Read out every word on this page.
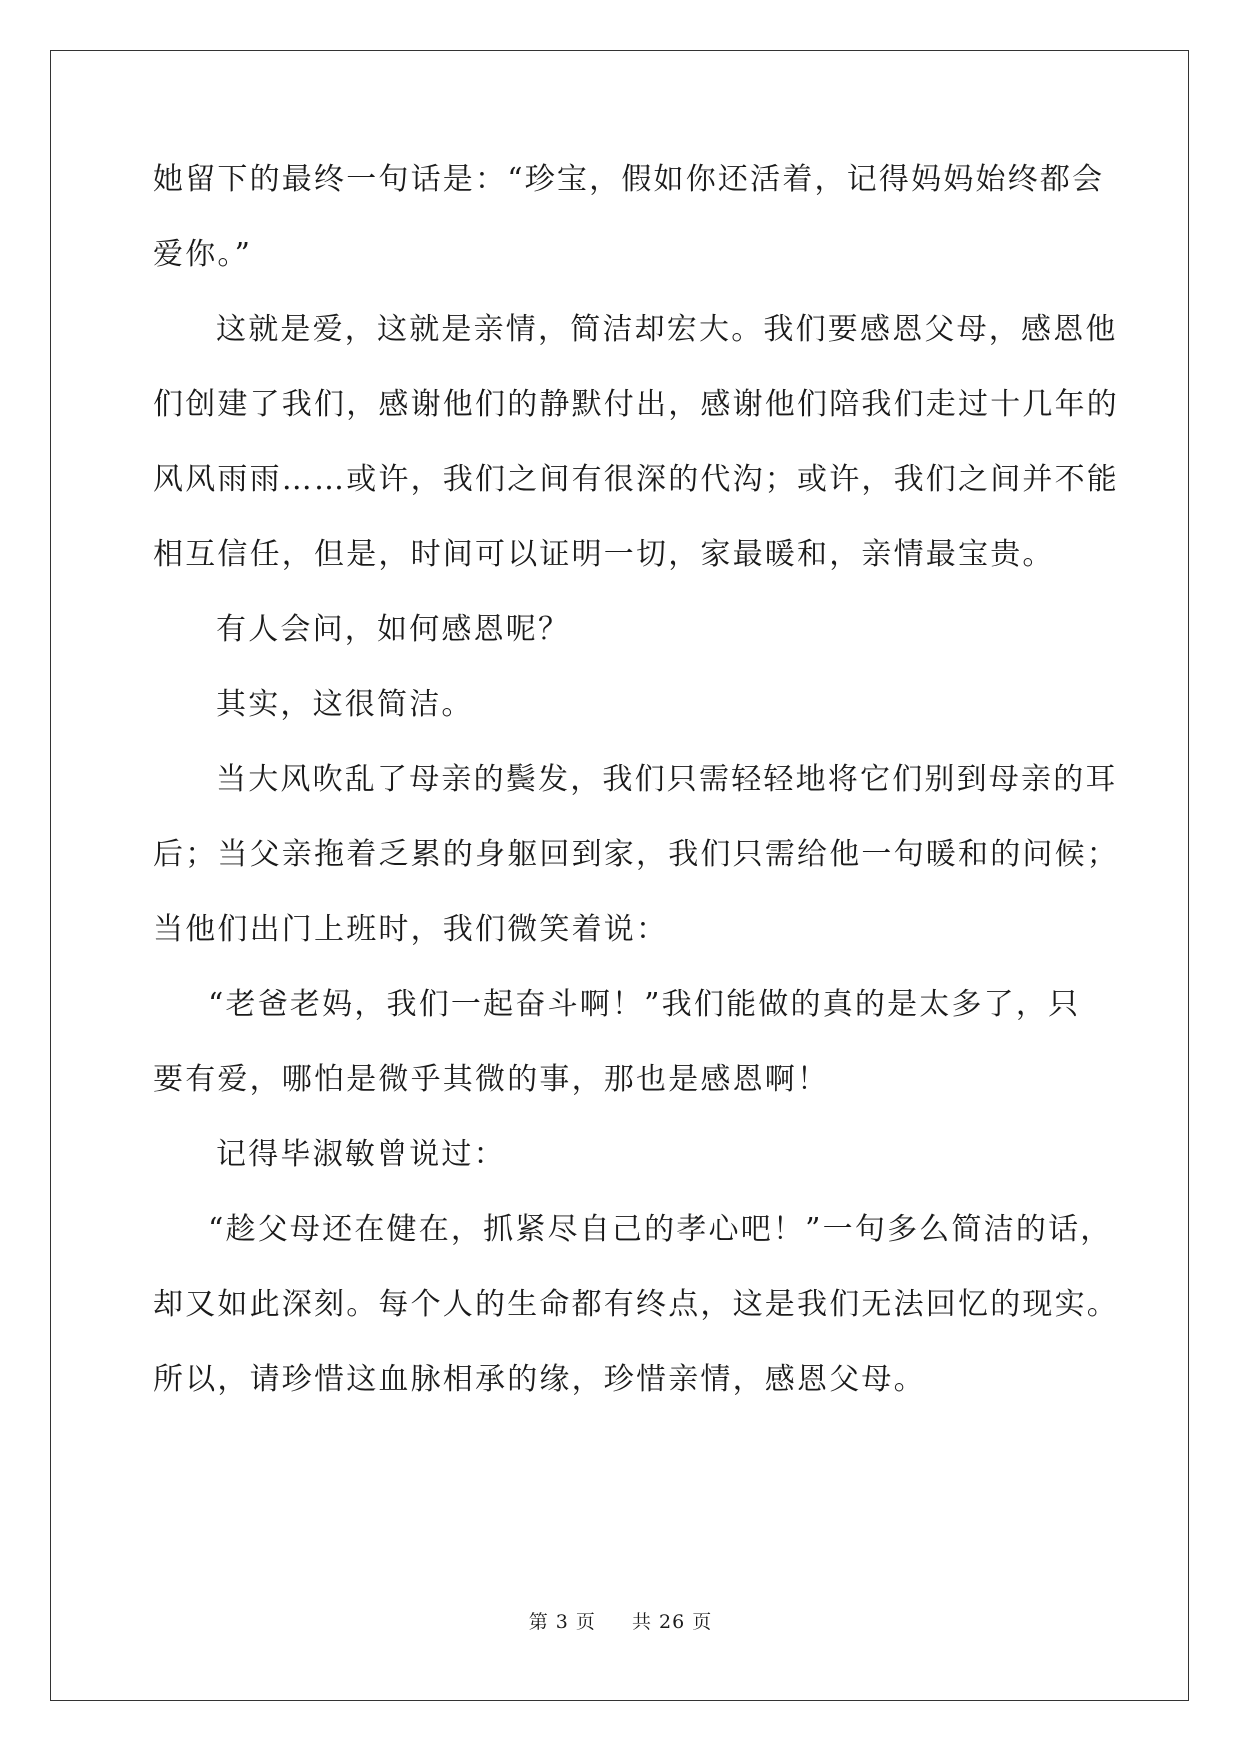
她留下的最终一句话是：“珍宝，假如你还活着，记得妈妈始终都会
爱你。”
这就是爱，这就是亲情，简洁却宏大。我们要感恩父母，感恩他
们创建了我们，感谢他们的静默付出，感谢他们陪我们走过十几年的
风风雨雨……或许，我们之间有很深的代沟；或许，我们之间并不能
相互信任，但是，时间可以证明一切，家最暖和，亲情最宝贵。
有人会问，如何感恩呢？
其实，这很简洁。
当大风吹乱了母亲的鬓发，我们只需轻轻地将它们别到母亲的耳
后；当父亲拖着乏累的身躯回到家，我们只需给他一句暖和的问候；
当他们出门上班时，我们微笑着说：
“老爸老妈，我们一起奋斗啊！”我们能做的真的是太多了，只
要有爱，哪怕是微乎其微的事，那也是感恩啊！
记得毕淑敏曾说过：
“趁父母还在健在，抓紧尽自己的孝心吧！”一句多么简洁的话，
却又如此深刻。每个人的生命都有终点，这是我们无法回忆的现实。
所以，请珍惜这血脉相承的缘，珍惜亲情，感恩父母。
第 3 页 共 26 页
